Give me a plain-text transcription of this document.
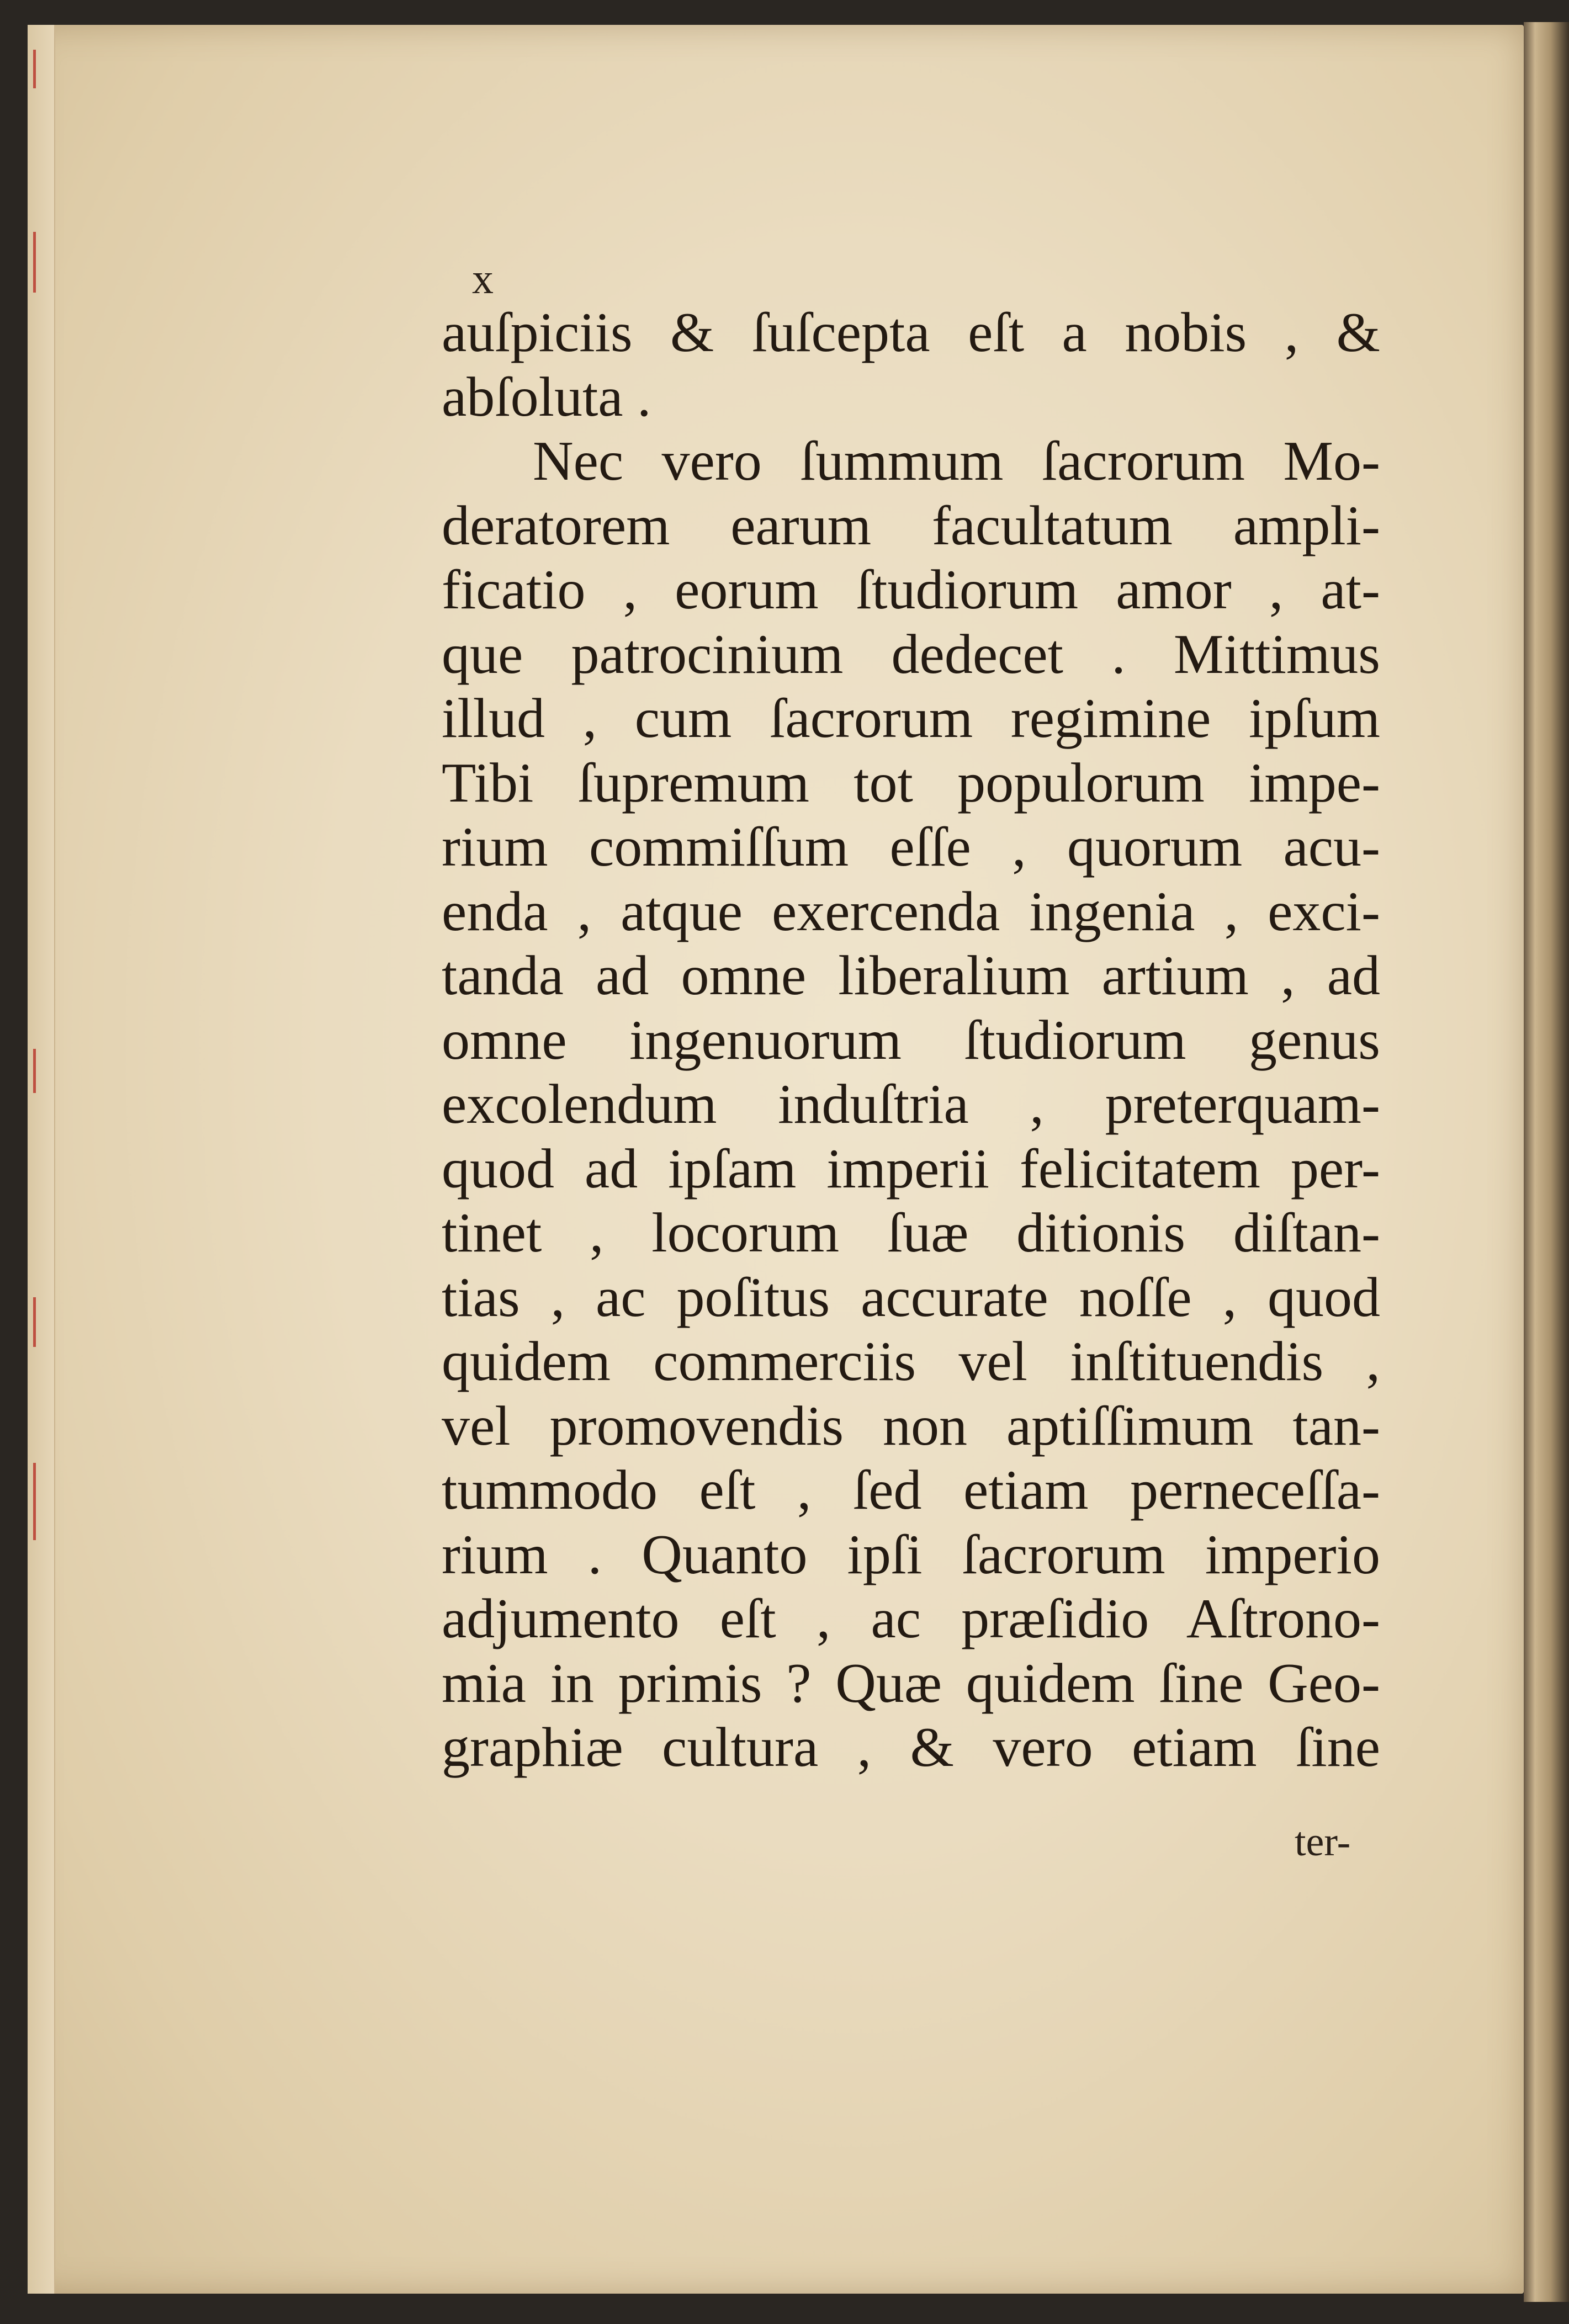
x
auſpiciis & ſuſcepta eſt a nobis , &
abſoluta .
Nec vero ſummum ſacrorum Mo-
deratorem earum facultatum ampli-
ficatio , eorum ſtudiorum amor , at-
que patrocinium dedecet . Mittimus
illud , cum ſacrorum regimine ipſum
Tibi ſupremum tot populorum impe-
rium commiſſum eſſe , quorum acu-
enda , atque exercenda ingenia , exci-
tanda ad omne liberalium artium , ad
omne ingenuorum ſtudiorum genus
excolendum induſtria , preterquam-
quod ad ipſam imperii felicitatem per-
tinet , locorum ſuæ ditionis diſtan-
tias , ac poſitus accurate noſſe , quod
quidem commerciis vel inſtituendis ,
vel promovendis non aptiſſimum tan-
tummodo eſt , ſed etiam perneceſſa-
rium . Quanto ipſi ſacrorum imperio
adjumento eſt , ac præſidio Aſtrono-
mia in primis ? Quæ quidem ſine Geo-
graphiæ cultura , & vero etiam ſine
ter-
